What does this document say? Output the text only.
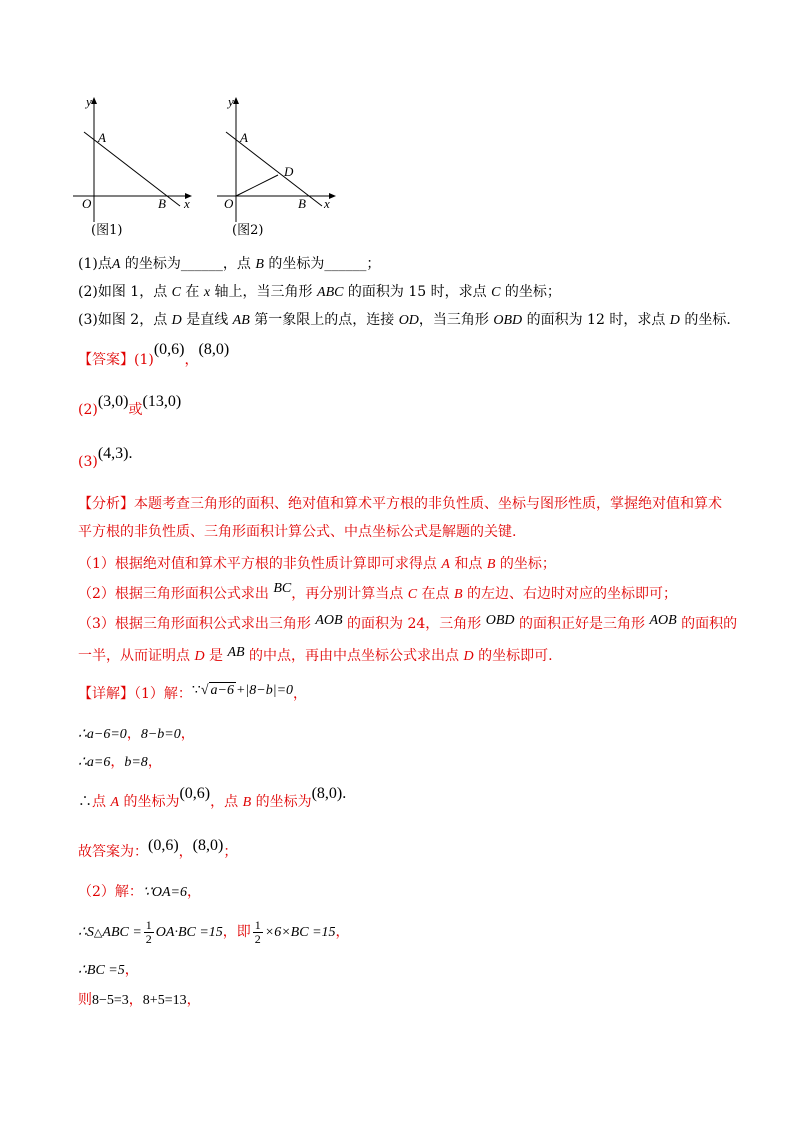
y
A
O	B x
(图1)
y
A
D
O	B x
(图2)
(1)点A 的坐标为______，点 B 的坐标为______；
(2)如图 1，点 C 在 x 轴上，当三角形 ABC 的面积为 15 时，求点 C 的坐标；
(3)如图 2，点 D 是直线 AB 第一象限上的点，连接 OD，当三角形 OBD 的面积为 12 时，求点 D 的坐标.
【答案】(1)(0,6)，(8,0)
(2)(3,0)或(13,0)
(3)(4,3).
【分析】本题考查三角形的面积、绝对值和算术平方根的非负性质、坐标与图形性质，掌握绝对值和算术
平方根的非负性质、三角形面积计算公式、中点坐标公式是解题的关键.
（1）根据绝对值和算术平方根的非负性质计算即可求得点 A 和点 B 的坐标；
（2）根据三角形面积公式求出 BC，再分别计算当点 C 在点 B 的左边、右边时对应的坐标即可；
（3）根据三角形面积公式求出三角形 AOB 的面积为 24，三角形 OBD 的面积正好是三角形 AOB 的面积的
一半，从而证明点 D 是 AB 的中点，再由中点坐标公式求出点 D 的坐标即可.
【详解】（1）解：∵√ a−6 +|8−b|=0，
∴a−6=0，8−b=0，
∴a=6，b=8，
∴点 A 的坐标为(0,6)，点 B 的坐标为(8,0).
故答案为：(0,6)，(8,0)；
（2）解：∵OA=6，
∴S△ABC = $\frac{1}{2} OA\cdot BC =15$，即 $\frac{1}{2} \times 6\times BC =15$，
∴BC =5，
则8−5=3，8+5=13，
